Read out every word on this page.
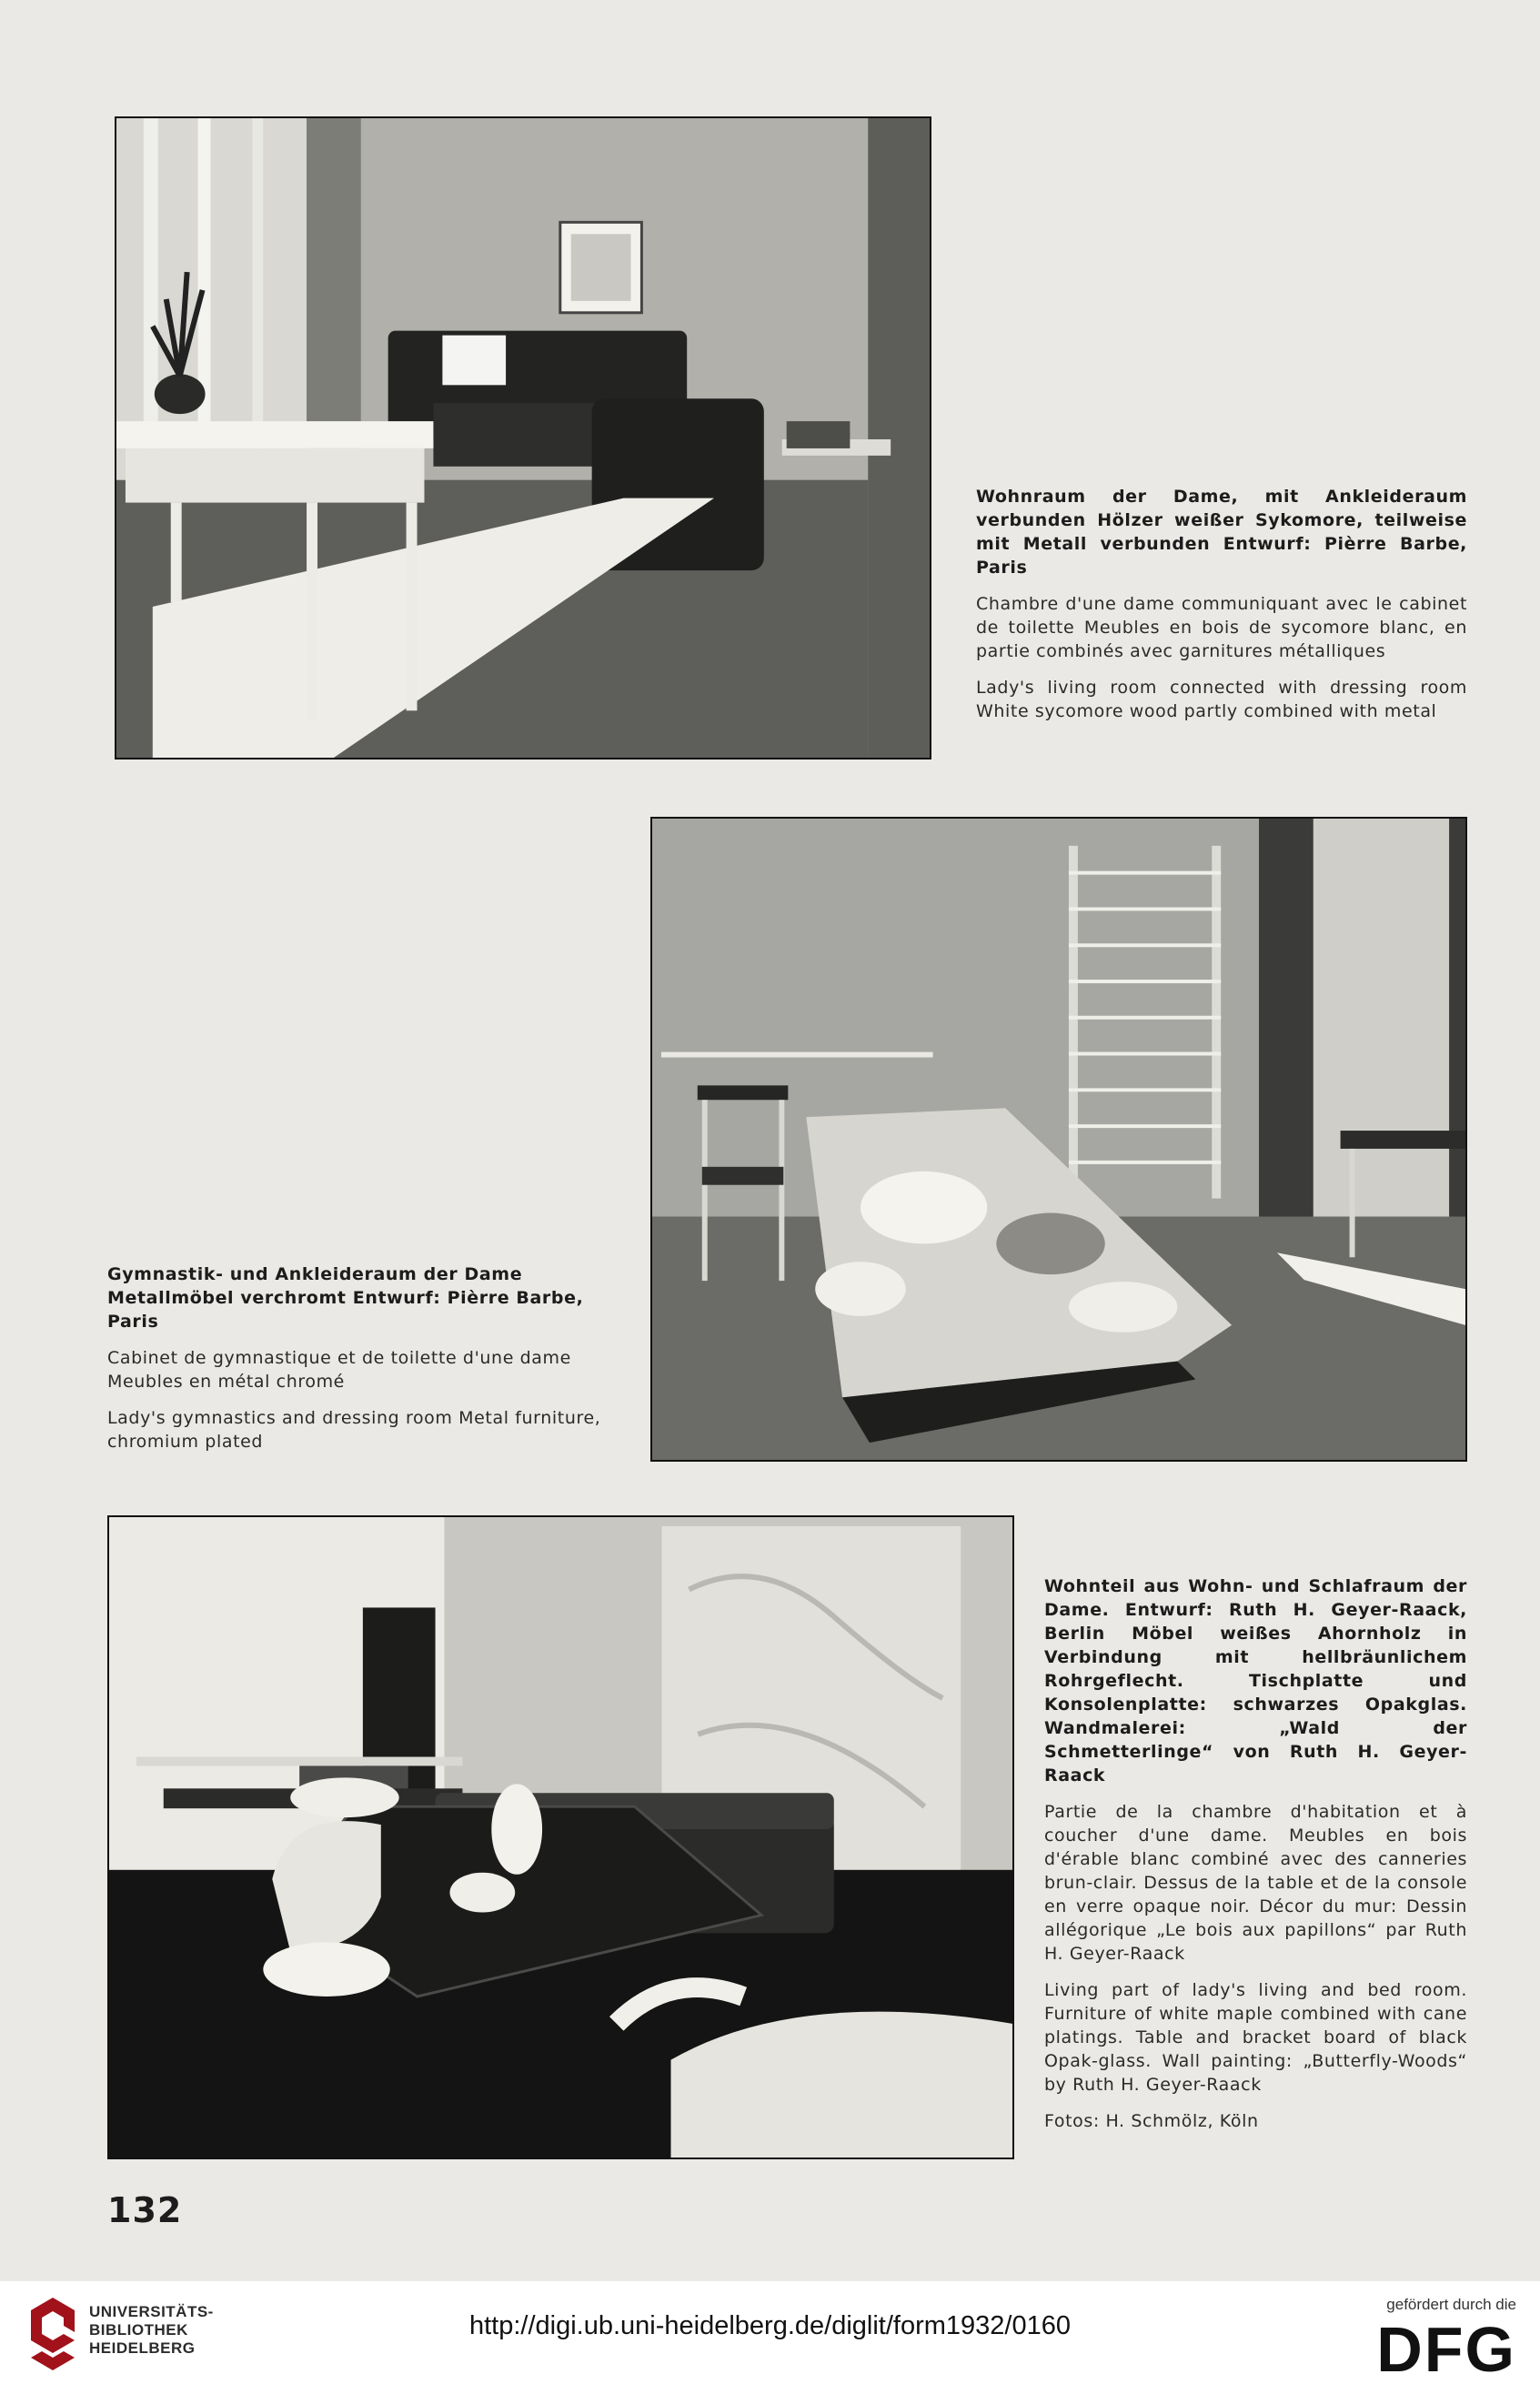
Wohnraum der Dame, mit Ankleideraum verbunden Hölzer weißer Sykomore, teilweise mit Metall verbunden Entwurf: Pièrre Barbe, Paris

Chambre d'une dame communiquant avec le cabinet de toilette Meubles en bois de sycomore blanc, en partie combinés avec garnitures métalliques

Lady's living room connected with dressing room White sycomore wood partly combined with metal

Gymnastik- und Ankleideraum der Dame Metallmöbel verchromt Entwurf: Pièrre Barbe, Paris

Cabinet de gymnastique et de toilette d'une dame Meubles en métal chromé

Lady's gymnastics and dressing room Metal furniture, chromium plated

Wohnteil aus Wohn- und Schlafraum der Dame. Entwurf: Ruth H. Geyer-Raack, Berlin Möbel weißes Ahornholz in Verbindung mit hellbräunlichem Rohrgeflecht. Tischplatte und Konsolenplatte: schwarzes Opakglas. Wandmalerei: „Wald der Schmetterlinge“ von Ruth H. Geyer-Raack

Partie de la chambre d'habitation et à coucher d'une dame. Meubles en bois d'érable blanc combiné avec des canneries brun-clair. Dessus de la table et de la console en verre opaque noir. Décor du mur: Dessin allégorique „Le bois aux papillons“ par Ruth H. Geyer-Raack

Living part of lady's living and bed room. Furniture of white maple combined with cane platings. Table and bracket board of black Opak-glass. Wall painting: „Butterfly-Woods“ by Ruth H. Geyer-Raack

Fotos: H. Schmölz, Köln

132
UNIVERSITÄTS-
BIBLIOTHEK
HEIDELBERG
http://digi.ub.uni-heidelberg.de/diglit/form1932/0160
gefördert durch die
DFG
